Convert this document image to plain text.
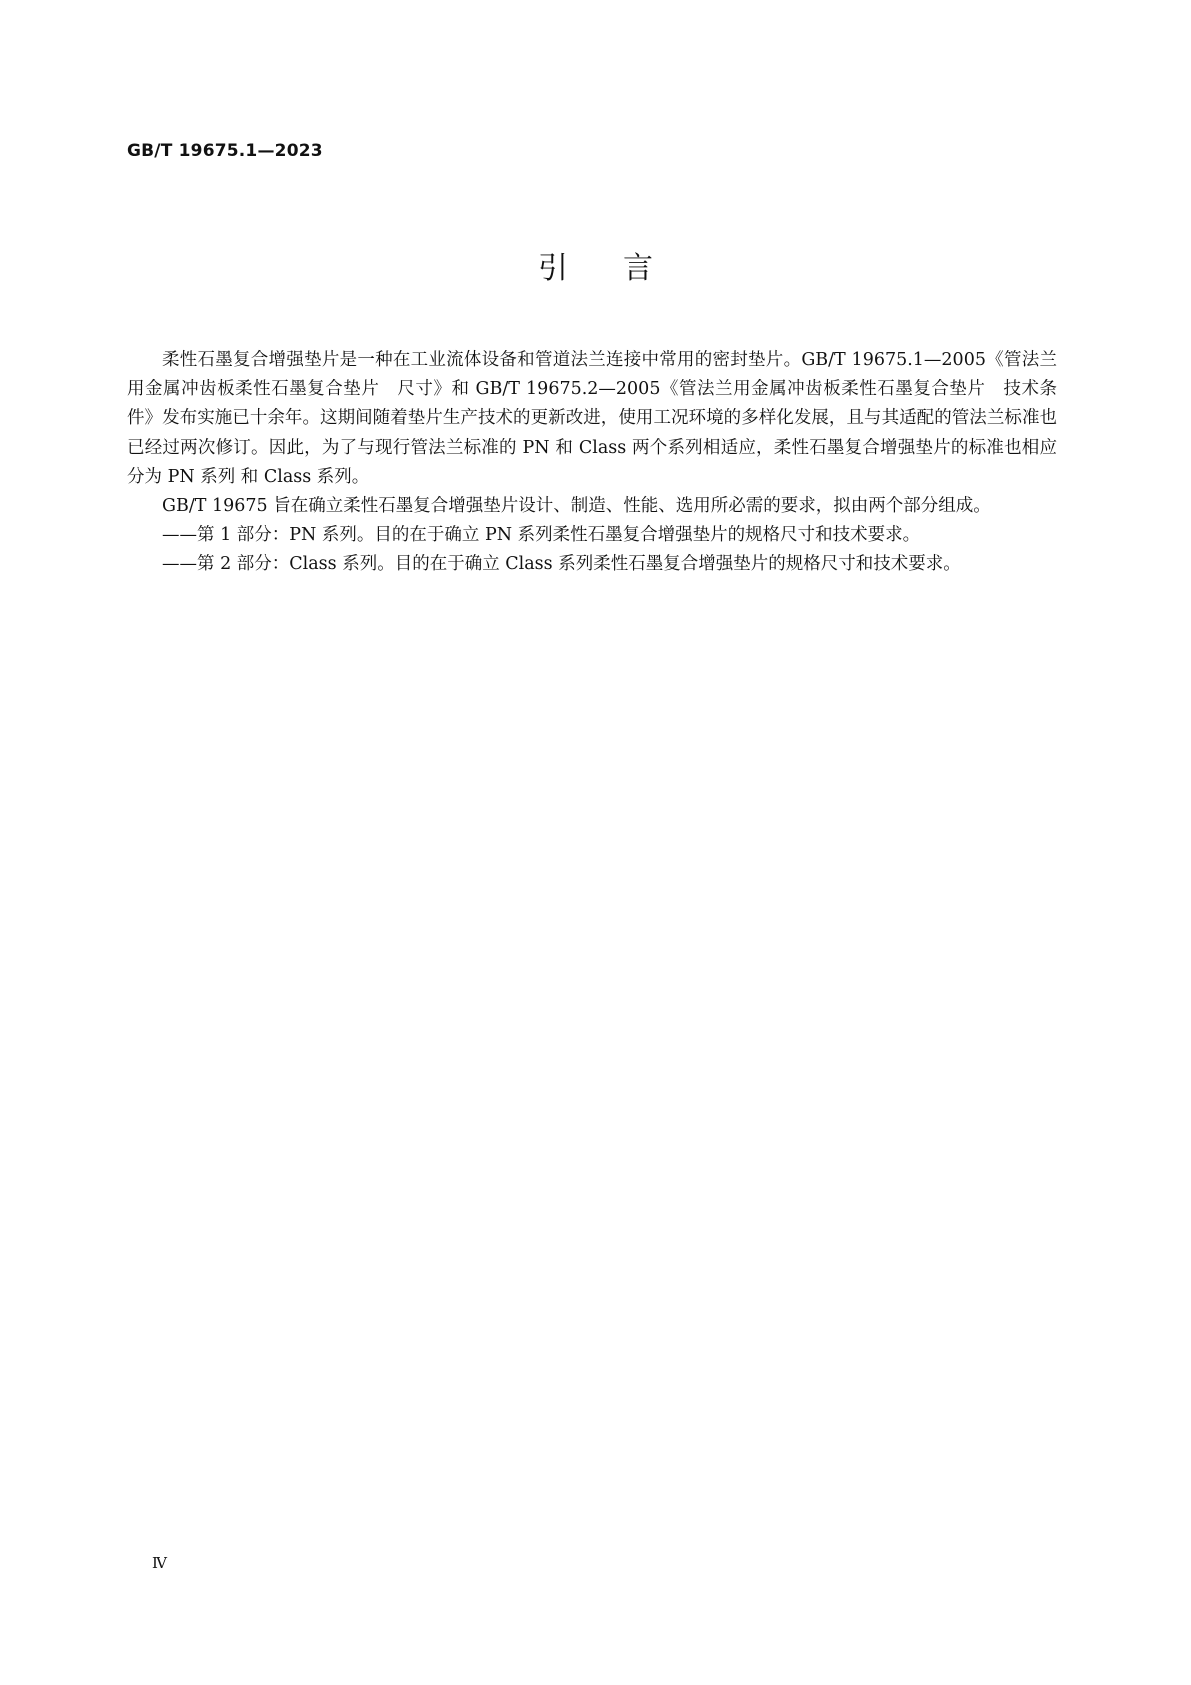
GB/T 19675.1—2023
引言

柔性石墨复合增强垫片是一种在工业流体设备和管道法兰连接中常用的密封垫片。GB/T 19675.1—2005《管法兰用金属冲齿板柔性石墨复合垫片　尺寸》和 GB/T 19675.2—2005《管法兰用金属冲齿板柔性石墨复合垫片　技术条件》发布实施已十余年。这期间随着垫片生产技术的更新改进，使用工况环境的多样化发展，且与其适配的管法兰标准也已经过两次修订。因此，为了与现行管法兰标准的 PN 和 Class 两个系列相适应，柔性石墨复合增强垫片的标准也相应分为 PN 系列 和 Class 系列。

GB/T 19675 旨在确立柔性石墨复合增强垫片设计、制造、性能、选用所必需的要求，拟由两个部分组成。

——第 1 部分：PN 系列。目的在于确立 PN 系列柔性石墨复合增强垫片的规格尺寸和技术要求。

——第 2 部分：Class 系列。目的在于确立 Class 系列柔性石墨复合增强垫片的规格尺寸和技术要求。

Ⅳ
